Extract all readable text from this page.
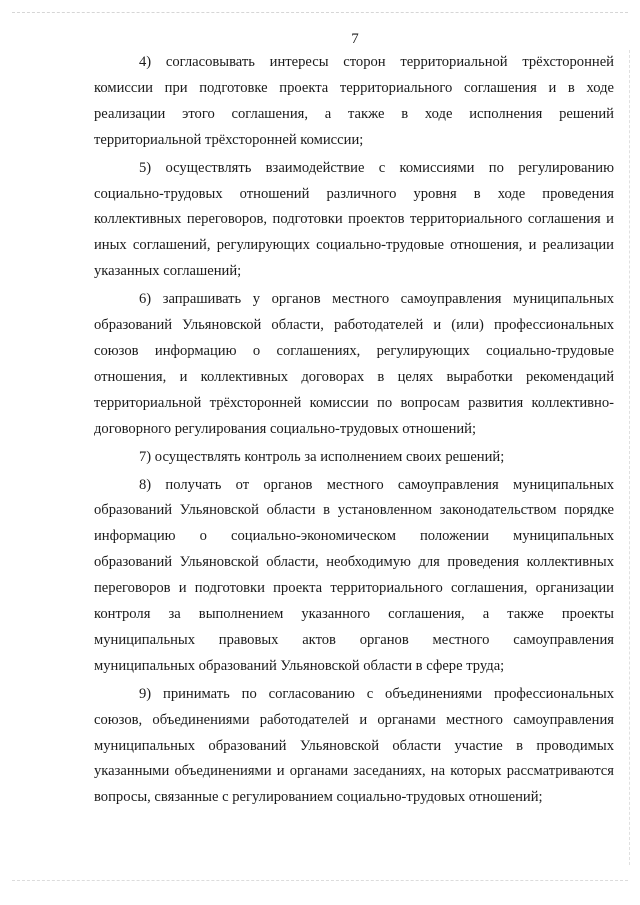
7

4) согласовывать интересы сторон территориальной трёхсторонней комиссии при подготовке проекта территориального соглашения и в ходе реализации этого соглашения, а также в ходе исполнения решений территориальной трёхсторонней комиссии;

5) осуществлять взаимодействие с комиссиями по регулированию социально-трудовых отношений различного уровня в ходе проведения коллективных переговоров, подготовки проектов территориального соглашения и иных соглашений, регулирующих социально-трудовые отношения, и реализации указанных соглашений;

6) запрашивать у органов местного самоуправления муниципальных образований Ульяновской области, работодателей и (или) профессиональных союзов информацию о соглашениях, регулирующих социально-трудовые отношения, и коллективных договорах в целях выработки рекомендаций территориальной трёхсторонней комиссии по вопросам развития коллективно-договорного регулирования социально-трудовых отношений;

7) осуществлять контроль за исполнением своих решений;

8) получать от органов местного самоуправления муниципальных образований Ульяновской области в установленном законодательством порядке информацию о социально-экономическом положении муниципальных образований Ульяновской области, необходимую для проведения коллективных переговоров и подготовки проекта территориального соглашения, организации контроля за выполнением указанного соглашения, а также проекты муниципальных правовых актов органов местного самоуправления муниципальных образований Ульяновской области в сфере труда;

9) принимать по согласованию с объединениями профессиональных союзов, объединениями работодателей и органами местного самоуправления муниципальных образований Ульяновской области участие в проводимых указанными объединениями и органами заседаниях, на которых рассматриваются вопросы, связанные с регулированием социально-трудовых отношений;
